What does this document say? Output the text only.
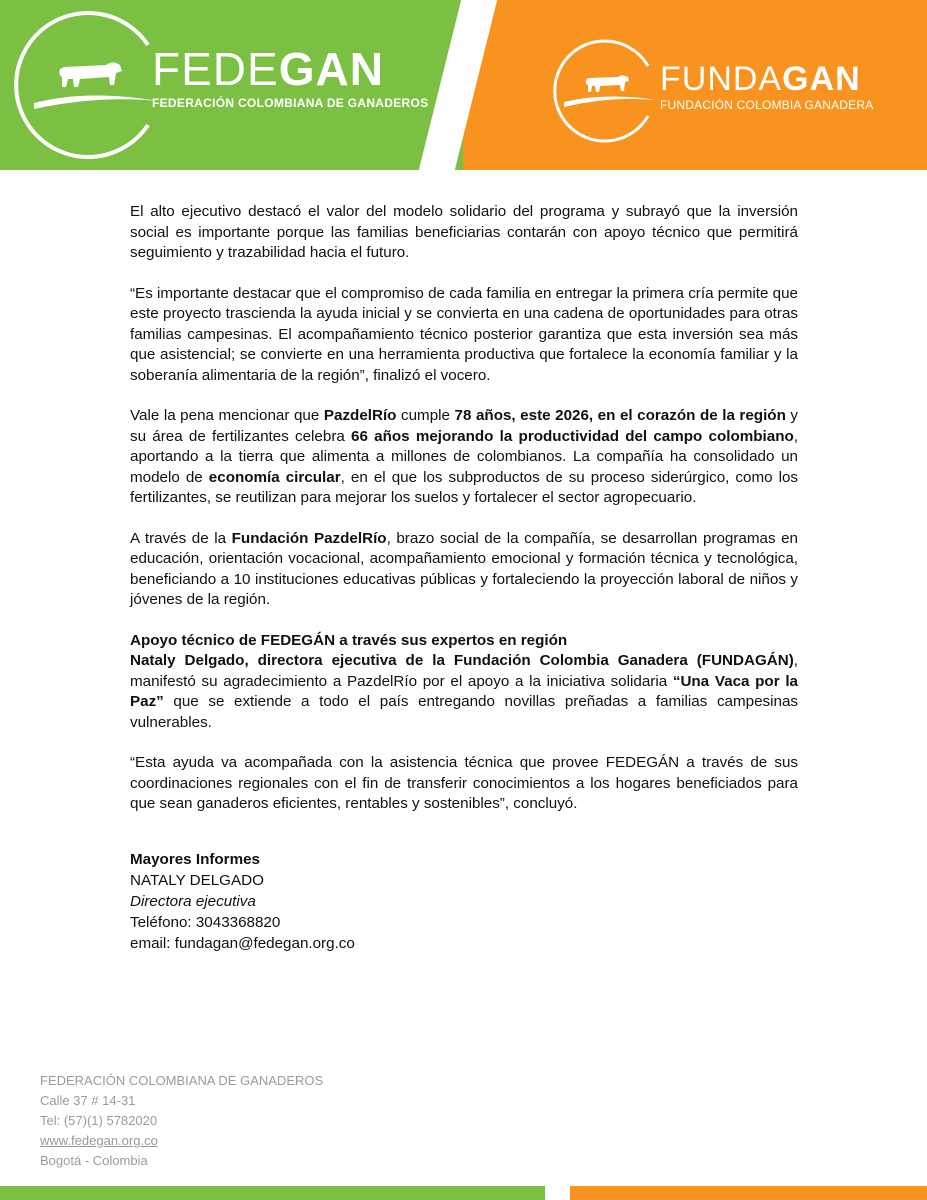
FEDEGAN
FEDERACIÓN COLOMBIANA DE GANADEROS
FUNDAGAN
FUNDACIÓN COLOMBIA GANADERA

El alto ejecutivo destacó el valor del modelo solidario del programa y subrayó que la inversión social es importante porque las familias beneficiarias contarán con apoyo técnico que permitirá seguimiento y trazabilidad hacia el futuro.

“Es importante destacar que el compromiso de cada familia en entregar la primera cría permite que este proyecto trascienda la ayuda inicial y se convierta en una cadena de oportunidades para otras familias campesinas. El acompañamiento técnico posterior garantiza que esta inversión sea más que asistencial; se convierte en una herramienta productiva que fortalece la economía familiar y la soberanía alimentaria de la región”, finalizó el vocero.

Vale la pena mencionar que PazdelRío cumple 78 años, este 2026, en el corazón de la región y su área de fertilizantes celebra 66 años mejorando la productividad del campo colombiano, aportando a la tierra que alimenta a millones de colombianos. La compañía ha consolidado un modelo de economía circular, en el que los subproductos de su proceso siderúrgico, como los fertilizantes, se reutilizan para mejorar los suelos y fortalecer el sector agropecuario.

A través de la Fundación PazdelRío, brazo social de la compañía, se desarrollan programas en educación, orientación vocacional, acompañamiento emocional y formación técnica y tecnológica, beneficiando a 10 instituciones educativas públicas y fortaleciendo la proyección laboral de niños y jóvenes de la región.

Apoyo técnico de FEDEGÁN a través sus expertos en región

Nataly Delgado, directora ejecutiva de la Fundación Colombia Ganadera (FUNDAGÁN), manifestó su agradecimiento a PazdelRío por el apoyo a la iniciativa solidaria “Una Vaca por la Paz” que se extiende a todo el país entregando novillas preñadas a familias campesinas vulnerables.

“Esta ayuda va acompañada con la asistencia técnica que provee FEDEGÁN a través de sus coordinaciones regionales con el fin de transferir conocimientos a los hogares beneficiados para que sean ganaderos eficientes, rentables y sostenibles”, concluyó.

Mayores Informes
NATALY DELGADO
Directora ejecutiva
Teléfono: 3043368820
email: fundagan@fedegan.org.co
FEDERACIÓN COLOMBIANA DE GANADEROS
Calle 37 # 14-31
Tel: (57)(1) 5782020
www.fedegan.org.co
Bogotá - Colombia
